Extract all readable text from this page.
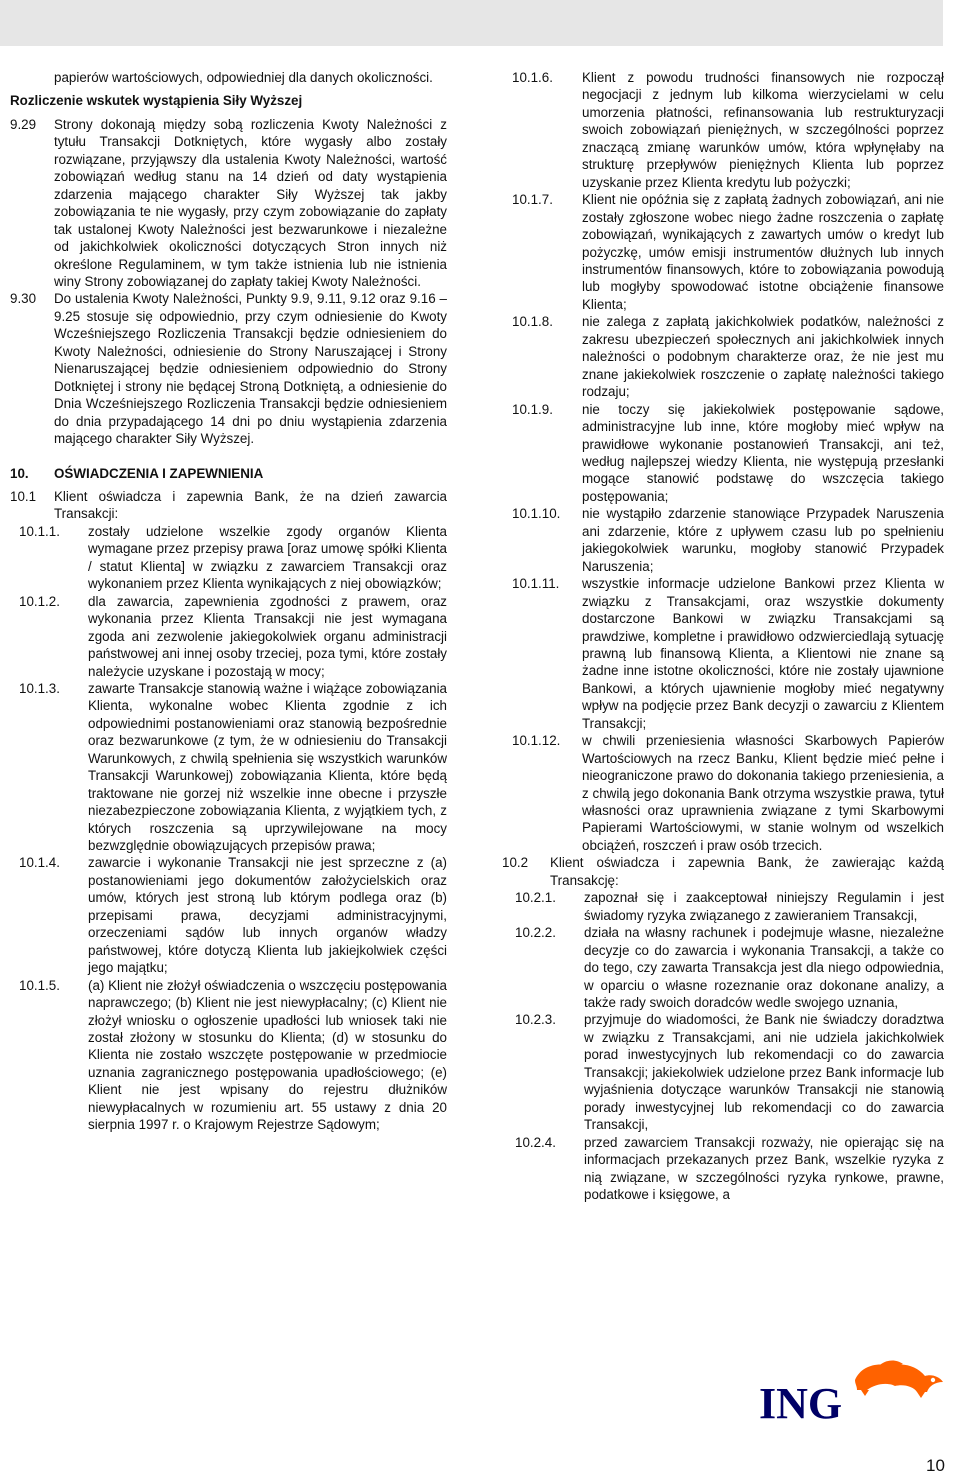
papierów wartościowych, odpowiedniej dla danych okoliczności.

Rozliczenie wskutek wystąpienia Siły Wyższej

9.29	Strony dokonają między sobą rozliczenia Kwoty Należności z tytułu Transakcji Dotkniętych, które wygasły albo zostały rozwiązane, przyjąwszy dla ustalenia Kwoty Należności, wartość zobowiązań według stanu na 14 dzień od daty wystąpienia zdarzenia mającego charakter Siły Wyższej tak jakby zobowiązania te nie wygasły, przy czym zobowiązanie do zapłaty tak ustalonej Kwoty Należności jest bezwarunkowe i niezależne od jakichkolwiek okoliczności dotyczących Stron innych niż określone Regulaminem, w tym także istnienia lub nie istnienia winy Strony zobowiązanej do zapłaty takiej Kwoty Należności.
9.30	Do ustalenia Kwoty Należności, Punkty 9.9, 9.11, 9.12 oraz 9.16 – 9.25 stosuje się odpowiednio, przy czym odniesienie do Kwoty Wcześniejszego Rozliczenia Transakcji będzie odniesieniem do Kwoty Należności, odniesienie do Strony Naruszającej i Strony Nienaruszającej będzie odniesieniem odpowiednio do Strony Dotkniętej i strony nie będącej Stroną Dotkniętą, a odniesienie do Dnia Wcześniejszego Rozliczenia Transakcji będzie odniesieniem do dnia przypadającego 14 dni po dniu wystąpienia zdarzenia mającego charakter Siły Wyższej.
10.	OŚWIADCZENIA I ZAPEWNIENIA
10.1	Klient oświadcza i zapewnia Bank, że na dzień zawarcia Transakcji:
10.1.1.	zostały udzielone wszelkie zgody organów Klienta wymagane przez przepisy prawa [oraz umowę spółki Klienta / statut Klienta] w związku z zawarciem Transakcji oraz wykonaniem przez Klienta wynikających z niej obowiązków;
10.1.2.	dla zawarcia, zapewnienia zgodności z prawem, oraz wykonania przez Klienta Transakcji nie jest wymagana zgoda ani zezwolenie jakiegokolwiek organu administracji państwowej ani innej osoby trzeciej, poza tymi, które zostały należycie uzyskane i pozostają w mocy;
10.1.3.	zawarte Transakcje stanowią ważne i wiążące zobowiązania Klienta, wykonalne wobec Klienta zgodnie z ich odpowiednimi postanowieniami oraz stanowią bezpośrednie oraz bezwarunkowe (z tym, że w odniesieniu do Transakcji Warunkowych, z chwilą spełnienia się wszystkich warunków Transakcji Warunkowej) zobowiązania Klienta, które będą traktowane nie gorzej niż wszelkie inne obecne i przyszłe niezabezpieczone zobowiązania Klienta, z wyjątkiem tych, z których roszczenia są uprzywilejowane na mocy bezwzględnie obowiązujących przepisów prawa;
10.1.4.	zawarcie i wykonanie Transakcji nie jest sprzeczne z (a) postanowieniami jego dokumentów założycielskich oraz umów, których jest stroną lub którym podlega oraz (b) przepisami prawa, decyzjami administracyjnymi, orzeczeniami sądów lub innych organów władzy państwowej, które dotyczą Klienta lub jakiejkolwiek części jego majątku;
10.1.5.	(a) Klient nie złożył oświadczenia o wszczęciu postępowania naprawczego; (b) Klient nie jest niewypłacalny; (c) Klient nie złożył wniosku o ogłoszenie upadłości lub wniosek taki nie został złożony w stosunku do Klienta; (d) w stosunku do Klienta nie zostało wszczęte postępowanie w przedmiocie uznania zagranicznego postępowania upadłościowego; (e) Klient nie jest wpisany do rejestru dłużników niewypłacalnych w rozumieniu art. 55 ustawy z dnia 20 sierpnia 1997 r. o Krajowym Rejestrze Sądowym;
10.1.6.	Klient z powodu trudności finansowych nie rozpoczął negocjacji z jednym lub kilkoma wierzycielami w celu umorzenia płatności, refinansowania lub restrukturyzacji swoich zobowiązań pieniężnych, w szczególności poprzez znaczącą zmianę warunków umów, która wpłynęłaby na strukturę przepływów pieniężnych Klienta lub poprzez uzyskanie przez Klienta kredytu lub pożyczki;
10.1.7.	Klient nie opóźnia się z zapłatą żadnych zobowiązań, ani nie zostały zgłoszone wobec niego żadne roszczenia o zapłatę zobowiązań, wynikających z zawartych umów o kredyt lub pożyczkę, umów emisji instrumentów dłużnych lub innych instrumentów finansowych, które to zobowiązania powodują lub mogłyby spowodować istotne obciążenie finansowe Klienta;
10.1.8.	nie zalega z zapłatą jakichkolwiek podatków, należności z zakresu ubezpieczeń społecznych ani jakichkolwiek innych należności o podobnym charakterze oraz, że nie jest mu znane jakiekolwiek roszczenie o zapłatę należności takiego rodzaju;
10.1.9.	nie toczy się jakiekolwiek postępowanie sądowe, administracyjne lub inne, które mogłoby mieć wpływ na prawidłowe wykonanie postanowień Transakcji, ani też, według najlepszej wiedzy Klienta, nie występują przesłanki mogące stanowić podstawę do wszczęcia takiego postępowania;
10.1.10.	nie wystąpiło zdarzenie stanowiące Przypadek Naruszenia ani zdarzenie, które z upływem czasu lub po spełnieniu jakiegokolwiek warunku, mogłoby stanowić Przypadek Naruszenia;
10.1.11.	wszystkie informacje udzielone Bankowi przez Klienta w związku z Transakcjami, oraz wszystkie dokumenty dostarczone Bankowi w związku Transakcjami są prawdziwe, kompletne i prawidłowo odzwierciedlają sytuację prawną lub finansową Klienta, a Klientowi nie znane są żadne inne istotne okoliczności, które nie zostały ujawnione Bankowi, a których ujawnienie mogłoby mieć negatywny wpływ na podjęcie przez Bank decyzji o zawarciu z Klientem Transakcji;
10.1.12.	w chwili przeniesienia własności Skarbowych Papierów Wartościowych na rzecz Banku, Klient będzie mieć pełne i nieograniczone prawo do dokonania takiego przeniesienia, a z chwilą jego dokonania Bank otrzyma wszystkie prawa, tytuł własności oraz uprawnienia związane z tymi Skarbowymi Papierami Wartościowymi, w stanie wolnym od wszelkich obciążeń, roszczeń i praw osób trzecich.
10.2	Klient oświadcza i zapewnia Bank, że zawierając każdą Transakcję:
10.2.1.	zapoznał się i zaakceptował niniejszy Regulamin i jest świadomy ryzyka związanego z zawieraniem Transakcji,
10.2.2.	działa na własny rachunek i podejmuje własne, niezależne decyzje co do zawarcia i wykonania Transakcji, a także co do tego, czy zawarta Transakcja jest dla niego odpowiednia, w oparciu o własne rozeznanie oraz dokonane analizy, a także rady swoich doradców wedle swojego uznania,
10.2.3.	przyjmuje do wiadomości, że Bank nie świadczy doradztwa w związku z Transakcjami, ani nie udziela jakichkolwiek porad inwestycyjnych lub rekomendacji co do zawarcia Transakcji; jakiekolwiek udzielone przez Bank informacje lub wyjaśnienia dotyczące warunków Transakcji nie stanowią porady inwestycyjnej lub rekomendacji co do zawarcia Transakcji,
10.2.4.	przed zawarciem Transakcji rozważy, nie opierając się na informacjach przekazanych przez Bank, wszelkie ryzyka z nią związane, w szczególności ryzyka rynkowe, prawne, podatkowe i księgowe, a
ING
10
